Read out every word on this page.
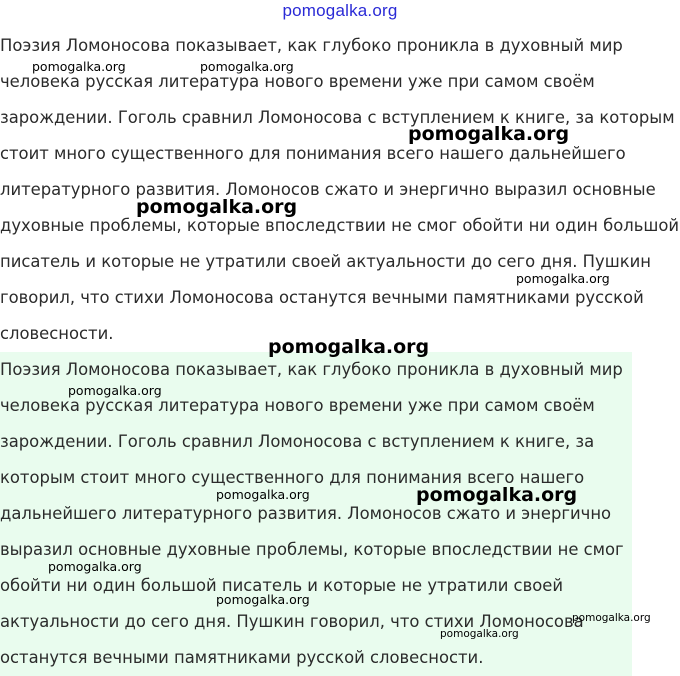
pomogalka.org
Поэзия Ломоносова показывает, как глубоко проникла в духовный мир
человека русская литература нового времени уже при самом своём
зарождении. Гоголь сравнил Ломоносова с вступлением к книге, за которым
стоит много существенного для понимания всего нашего дальнейшего
литературного развития. Ломоносов сжато и энергично выразил основные
духовные проблемы, которые впоследствии не смог обойти ни один большой
писатель и которые не утратили своей актуальности до сего дня. Пушкин
говорил, что стихи Ломоносова останутся вечными памятниками русской
словесности.
Поэзия Ломоносова показывает, как глубоко проникла в духовный мир
человека русская литература нового времени уже при самом своём
зарождении. Гоголь сравнил Ломоносова с вступлением к книге, за
которым стоит много существенного для понимания всего нашего
дальнейшего литературного развития. Ломоносов сжато и энергично
выразил основные духовные проблемы, которые впоследствии не смог
обойти ни один большой писатель и которые не утратили своей
актуальности до сего дня. Пушкин говорил, что стихи Ломоносова
останутся вечными памятниками русской словесности.
pomogalka.org	pomogalka.org
pomogalka.org
pomogalka.org
pomogalka.org
pomogalka.org
pomogalka.org
pomogalka.org	pomogalka.org
pomogalka.org
pomogalka.org
pomogalka.org
pomogalka.org
